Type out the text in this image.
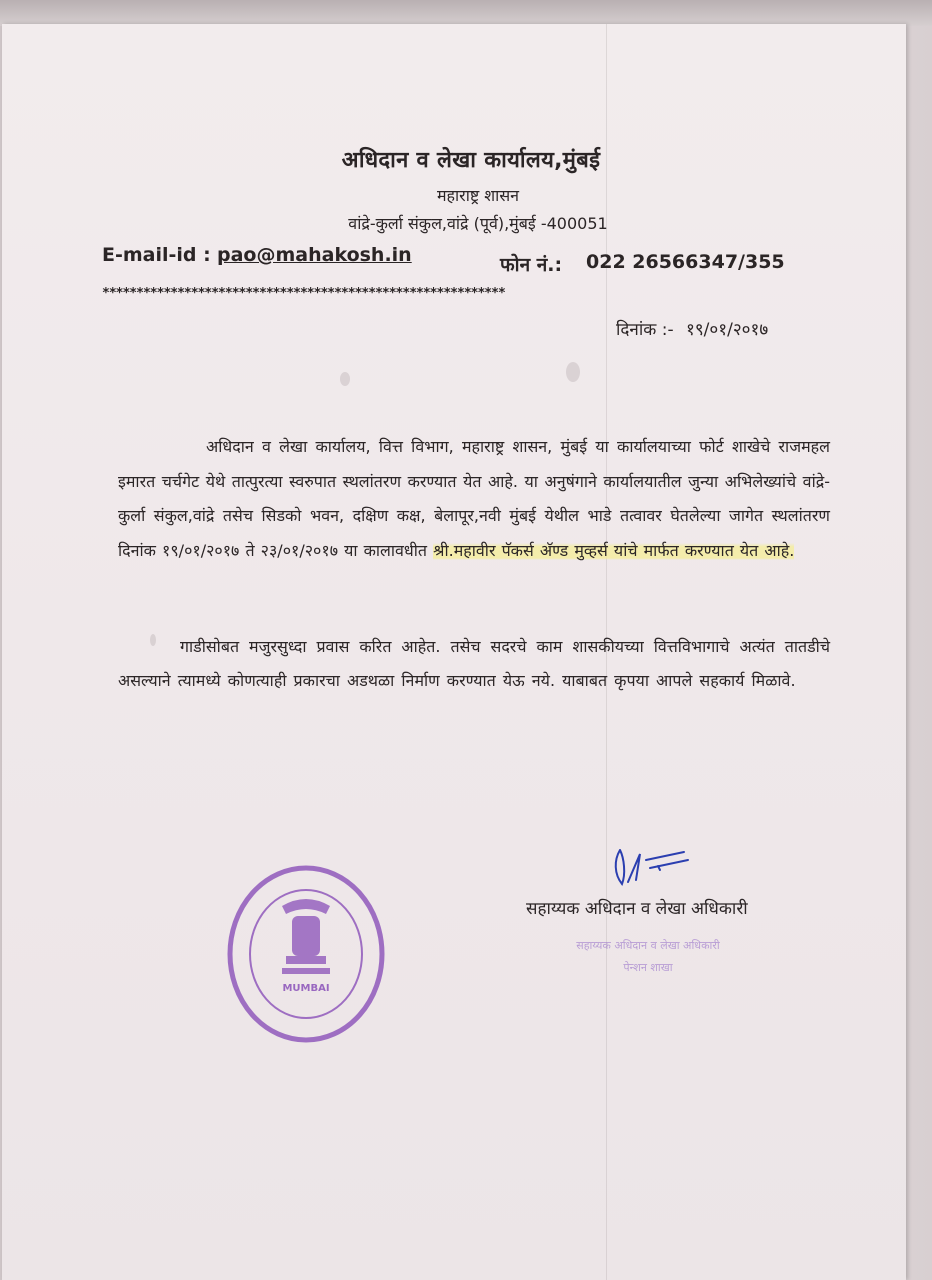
अधिदान व लेखा कार्यालय,मुंबई
महाराष्ट्र शासन
वांद्रे-कुर्ला संकुल,वांद्रे (पूर्व),मुंबई -400051
E-mail-id : pao@mahakosh.in	फोन नं.: 022 26566347/355
***********************************************************
दिनांक :- १९/०१/२०१७
अधिदान व लेखा कार्यालय, वित्त विभाग, महाराष्ट्र शासन, मुंबई या कार्यालयाच्या फोर्ट शाखेचे राजमहल इमारत चर्चगेट येथे तात्पुरत्या स्वरुपात स्थलांतरण करण्यात येत आहे. या अनुषंगाने कार्यालयातील जुन्या अभिलेख्यांचे वांद्रे-कुर्ला संकुल,वांद्रे तसेच सिडको भवन, दक्षिण कक्ष, बेलापूर,नवी मुंबई येथील भाडे तत्वावर घेतलेल्या जागेत स्थलांतरण दिनांक १९/०१/२०१७ ते २३/०१/२०१७ या कालावधीत श्री.महावीर पॅकर्स अ‍ॅण्ड मुव्हर्स यांचे मार्फत करण्यात येत आहे.
गाडीसोबत मजुरसुध्दा प्रवास करित आहेत. तसेच सदरचे काम शासकीयच्या वित्तविभागाचे अत्यंत तातडीचे असल्याने त्यामध्ये कोणत्याही प्रकारचा अडथळा निर्माण करण्यात येऊ नये. याबाबत कृपया आपले सहकार्य मिळावे.
MUMBAI
सहाय्यक अधिदान व लेखा अधिकारी
सहाय्यक अधिदान व लेखा अधिकारी
पेन्शन शाखा
